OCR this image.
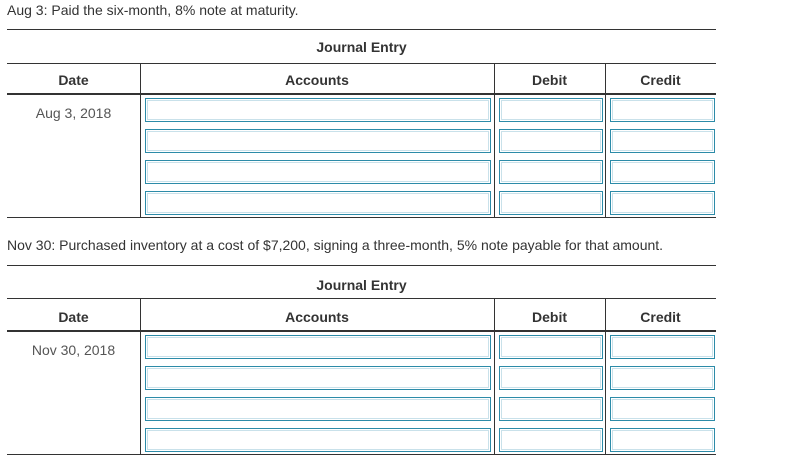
Aug 3: Paid the six-month, 8% note at maturity.
Journal Entry
Date	Accounts	Debit	Credit
Aug 3, 2018
Nov 30: Purchased inventory at a cost of $7,200, signing a three-month, 5% note payable for that amount.
Journal Entry
Date	Accounts	Debit	Credit
Nov 30, 2018
